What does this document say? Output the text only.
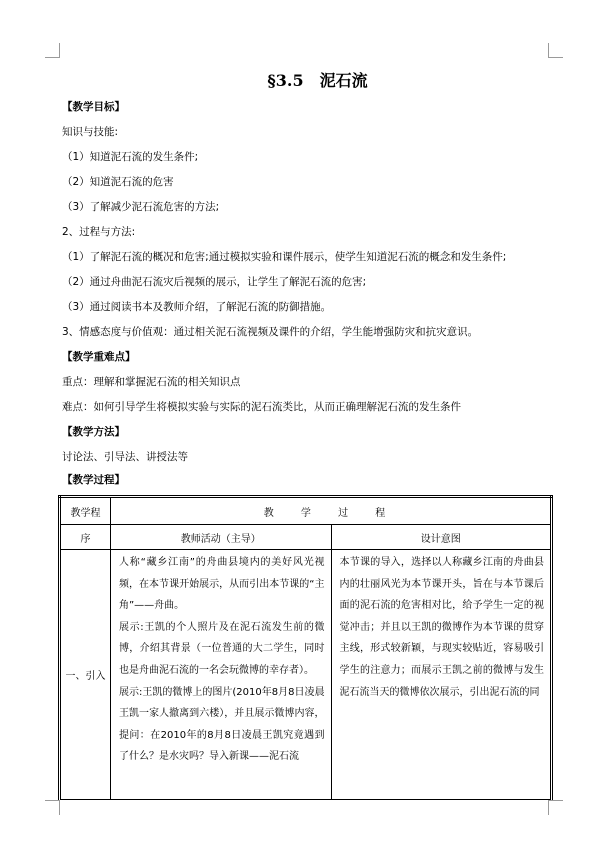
§3.5 泥石流
【教学目标】
知识与技能:
（1）知道泥石流的发生条件;
（2）知道泥石流的危害
（3）了解减少泥石流危害的方法;
2、过程与方法:
（1）了解泥石流的概况和危害;通过模拟实验和课件展示，使学生知道泥石流的概念和发生条件;
（2）通过舟曲泥石流灾后视频的展示，让学生了解泥石流的危害;
（3）通过阅读书本及教师介绍，了解泥石流的防御措施。
3、情感态度与价值观：通过相关泥石流视频及课件的介绍，学生能增强防灾和抗灾意识。
【教学重难点】
重点：理解和掌握泥石流的相关知识点
难点：如何引导学生将模拟实验与实际的泥石流类比，从而正确理解泥石流的发生条件
【教学方法】
讨论法、引导法、讲授法等
【教学过程】
教学程	教 学 过 程	
序	教师活动（主导）	设计意图
一、引入	人称“藏乡江南”的舟曲县境内的美好风光视频，在本节课开始展示，从而引出本节课的“主角”——舟曲。
展示:王凯的个人照片及在泥石流发生前的微博，介绍其背景（一位普通的大二学生，同时也是舟曲泥石流的一名会玩微博的幸存者）。
展示:王凯的微博上的图片(2010年8月8日凌晨王凯一家人撤离到六楼），并且展示微博内容，提问：在2010年的8月8日凌晨王凯究竟遇到了什么？是水灾吗？导入新课——泥石流	本节课的导入，选择以人称藏乡江南的舟曲县内的壮丽风光为本节课开头，旨在与本节课后面的泥石流的危害相对比，给予学生一定的视觉冲击；并且以王凯的微博作为本节课的贯穿主线，形式较新颖，与现实较贴近，容易吸引学生的注意力；而展示王凯之前的微博与发生泥石流当天的微博依次展示，引出泥石流的同
